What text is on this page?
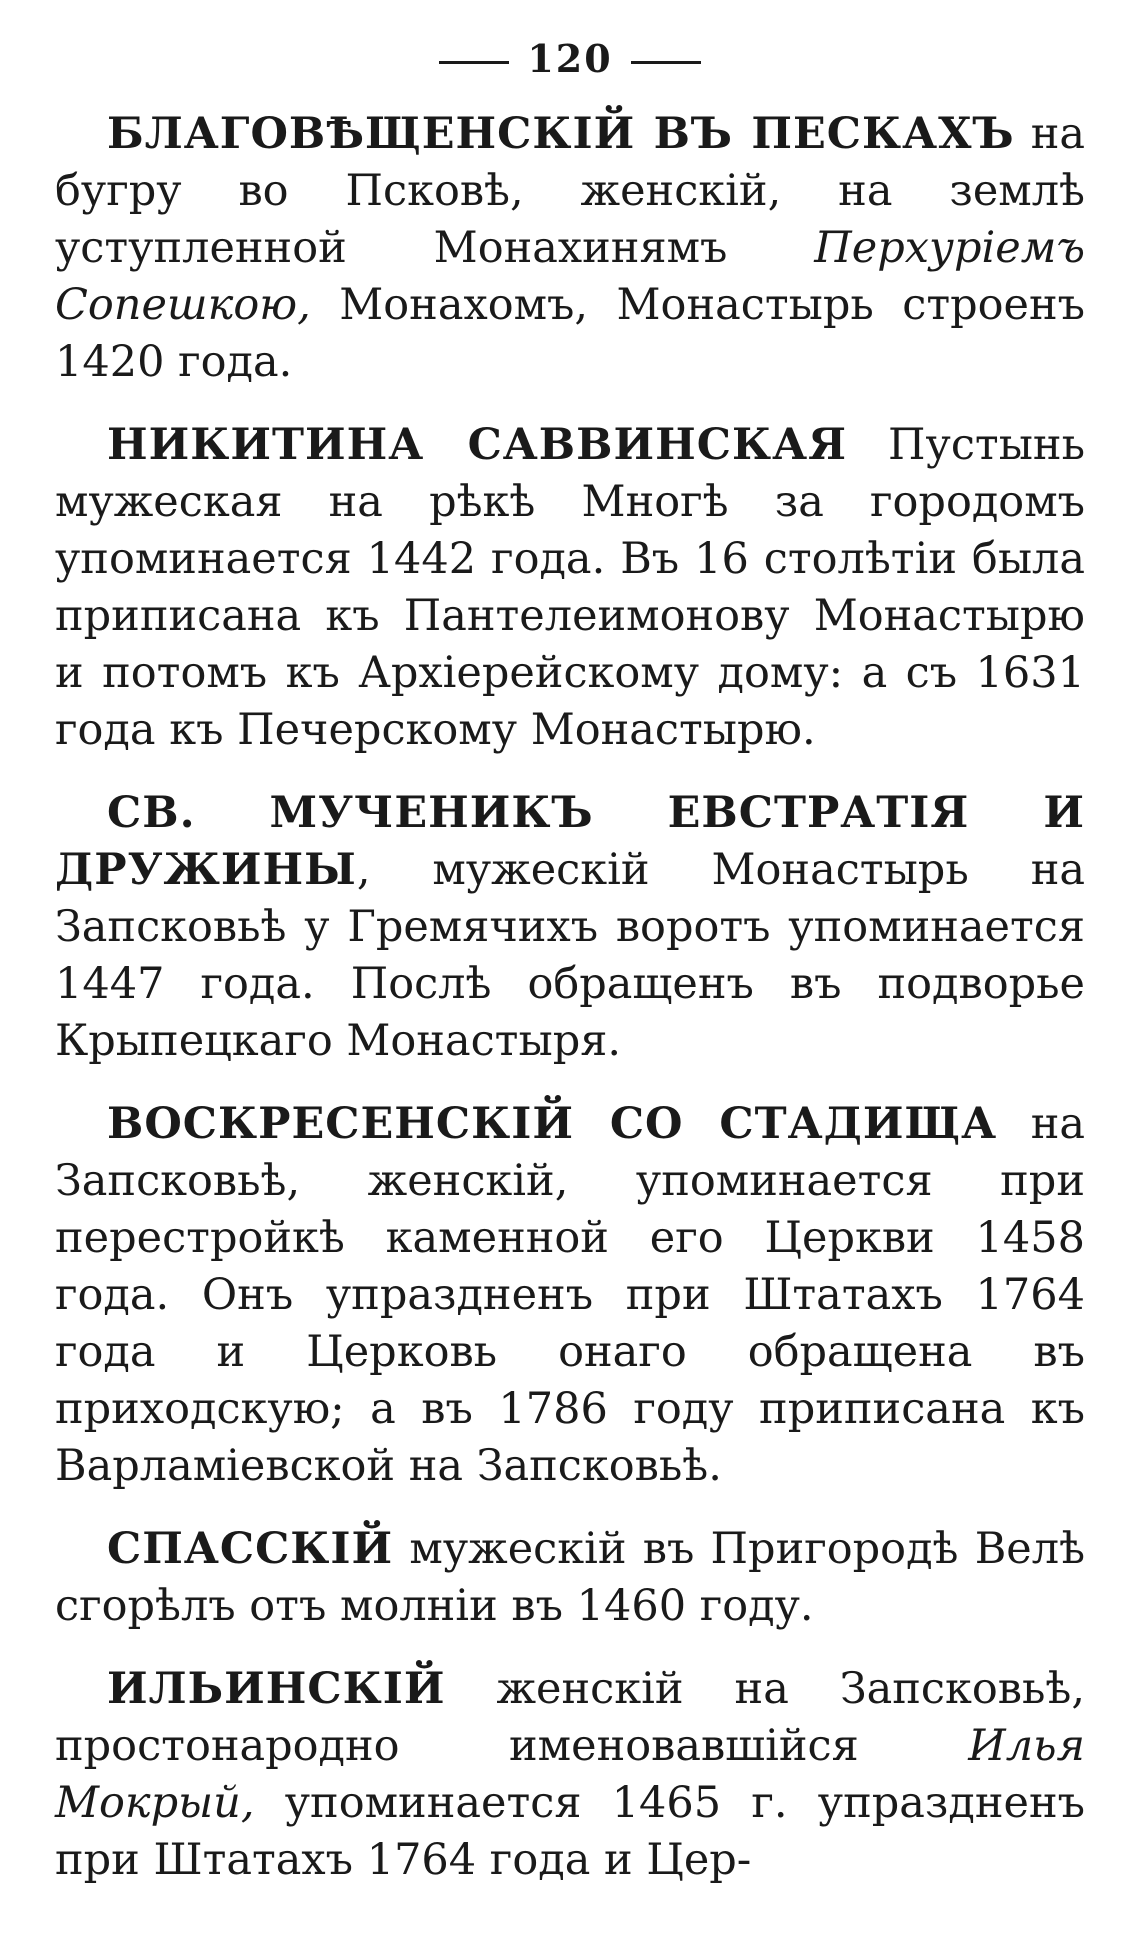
120

БЛАГОВѢЩЕНСКІЙ ВЪ ПЕСКАХЪ на бугру во Псковѣ, женскій, на землѣ уступленной Монахинямъ Перхуріемъ Сопешкою, Монахомъ, Монастырь строенъ 1420 года.

НИКИТИНА САВВИНСКАЯ Пустынь мужеская на рѣкѣ Многѣ за городомъ упоминается 1442 года. Въ 16 столѣтіи была приписана къ Пантелеимонову Монастырю и потомъ къ Архіерейскому дому: а съ 1631 года къ Печерскому Монастырю.

СВ. МУЧЕНИКЪ ЕВСТРАТІЯ И ДРУЖИНЫ, мужескій Монастырь на Запсковьѣ у Гремячихъ воротъ упоминается 1447 года. Послѣ обращенъ въ подворье Крыпецкаго Монастыря.

ВОСКРЕСЕНСКІЙ СО СТАДИЩА на Запсковьѣ, женскій, упоминается при перестройкѣ каменной его Церкви 1458 года. Онъ упраздненъ при Штатахъ 1764 года и Церковь онаго обращена въ приходскую; а въ 1786 году приписана къ Варламіевской на Запсковьѣ.

СПАССКІЙ мужескій въ Пригородѣ Велѣ сгорѣлъ отъ молніи въ 1460 году.

ИЛЬИНСКІЙ женскій на Запсковьѣ, простонародно именовавшійся Илья Мокрый, упоминается 1465 г. упраздненъ при Штатахъ 1764 года и Цер-
